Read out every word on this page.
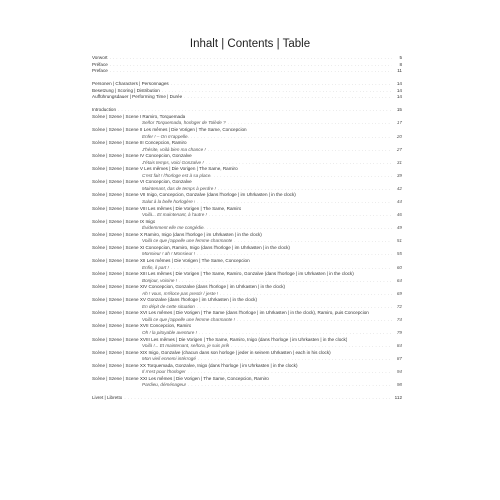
Inhalt | Contents | Table
Vorwort . . .	5
Préface . . .	8
Preface . . .	11
Personen | Characters | Personnages . . .	14
Besetzung | Scoring | Distribution . . .	14
Aufführungsdauer | Performing Time | Durée . . .	14
Introduction . . .	15
Scène | Szene | Scene I Ramiro, Torquemada
Señor Torquemada, horloger de Tolède ? . . .	17
Scène | Szene | Scene II Les mêmes | Die Vorigen | The Same, Concepcion
Enfer ! – On m'appelle. . . .	20
Scène | Szene | Scene III Concepcion, Ramiro
J'hésite, voilà bien ma chance ! . . .	27
Scène | Szene | Scene IV Concepcion, Gonzalve
J'étais temps, voici Gonzalve ! . . .	31
Scène | Szene | Scene V Les mêmes | Die Vorigen | The Same, Ramiro
C'est fait ! l'horloge est à sa place. . . .	39
Scène | Szene | Scene VI Concepcion, Gonzalve
Maintenant, das de temps à perdre ! . . .	42
Scène | Szene | Scene VII Inigo, Concepcion, Gonzalve (dans l'horloge | im Uhrkasten | in the clock)
Salut à la belle horlogère ! . . .	44
Scène | Szene | Scene VIII Les mêmes | Die Vorigen | The Same, Ramiro
Voilà... Et maintenant, à l'autre ! . . .	46
Scène | Szene | Scene IX Inigo
Évidemment elle me congédie. . . .	49
Scène | Szene | Scene X Ramiro, Inigo (dans l'horloge | im Uhrkasten | in the clock)
Voilà ce que j'appelle une femme charmante . . .	51
Scène | Szene | Scene XI Concepcion, Ramiro, Inigo (dans l'horloge | im Uhrkasten | in the clock)
Monsieur ! ah ! Monsieur ! . . .	55
Scène | Szene | Scene XII Les mêmes | Die Vorigen | The Same, Concepcion
Enfin, il part ! . . .	60
Scène | Szene | Scene XIII Les mêmes | Die Vorigen | The Same, Ramiro, Gonzalve (dans l'horloge | im Uhrkasten | in the clock)
Bonjour, voisine ! . . .	64
Scène | Szene | Scene XIV Concepcion, Gonzalve (dans l'horloge | im Uhrkasten | in the clock)
Ah ! vous, m'éloce pas prestir / jeste ! . . .	69
Scène | Szene | Scene XV Gonzalve (dans l'horloge | im Uhrkasten | in the clock)
En dépit de cette situation . . .	72
Scène | Szene | Scene XVI Les mêmes | Die Vorigen | The Same (dans l'horloge | im Uhrkasten | in the clock), Ramiro, puis Concepcion
Voilà ce que j'appelle une femme charmante ! . . .	74
Scène | Szene | Scene XVII Concepcion, Ramiro
Oh ! la pitoyable aventure ! . . .	79
Scène | Szene | Scene XVIII Les mêmes | Die Vorigen | The Same, Ramiro, Inigo (dans l'horloge | im Uhrkasten | in the clock)
Voilà !... Et maintenant, señora, je suis prêt . . .	84
Scène | Szene | Scene XIX Inigo, Gonzalve (chacun dans son horloge | jeder in seinem Uhrkasten | each in his clock)
Mon vieil ennemi intérrogé . . .	87
Scène | Szene | Scene XX Torquemada, Gonzalve, Inigo (dans l'horloge | im Uhrkasten | in the clock)
Il n'est pour l'horloger . . .	94
Scène | Szene | Scene XXI Les mêmes | Die Vorigen | The Same, Concepcion, Ramiro
Pardieu, déménageur . . .	98
Livret | Libretto . . .	112
